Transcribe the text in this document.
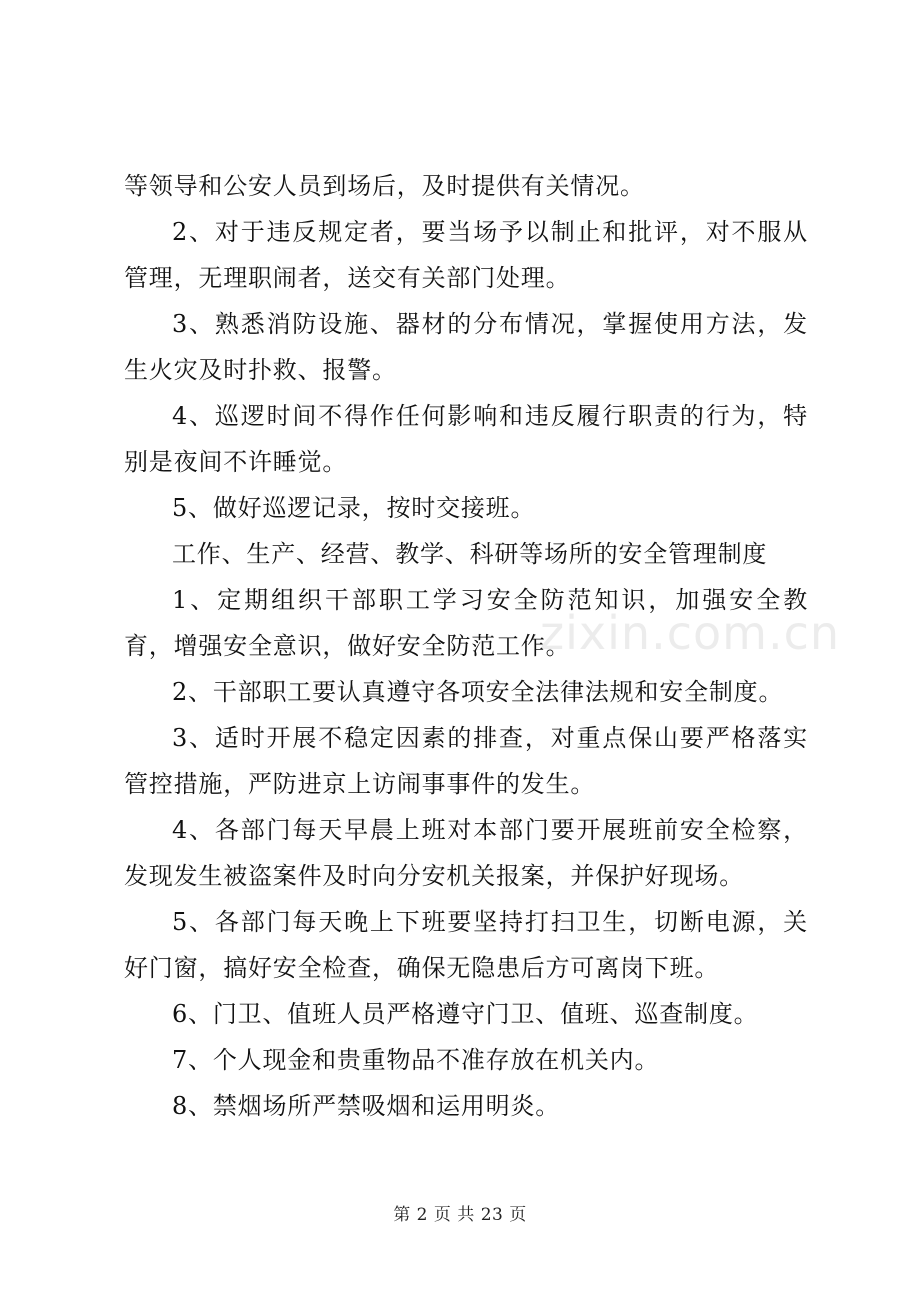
等领导和公安人员到场后，及时提供有关情况。

2、对于违反规定者，要当场予以制止和批评，对不服从管理，无理职闹者，送交有关部门处理。

3、熟悉消防设施、器材的分布情况，掌握使用方法，发生火灾及时扑救、报警。

4、巡逻时间不得作任何影响和违反履行职责的行为，特别是夜间不许睡觉。

5、做好巡逻记录，按时交接班。

工作、生产、经营、教学、科研等场所的安全管理制度

1、定期组织干部职工学习安全防范知识，加强安全教育，增强安全意识，做好安全防范工作。

2、干部职工要认真遵守各项安全法律法规和安全制度。

3、适时开展不稳定因素的排查，对重点保山要严格落实管控措施，严防进京上访闹事事件的发生。

4、各部门每天早晨上班对本部门要开展班前安全检察，发现发生被盗案件及时向分安机关报案，并保护好现场。

5、各部门每天晚上下班要坚持打扫卫生，切断电源，关好门窗，搞好安全检查，确保无隐患后方可离岗下班。

6、门卫、值班人员严格遵守门卫、值班、巡查制度。

7、个人现金和贵重物品不准存放在机关内。

8、禁烟场所严禁吸烟和运用明炎。

zixin.com.cn
第 2 页 共 23 页
